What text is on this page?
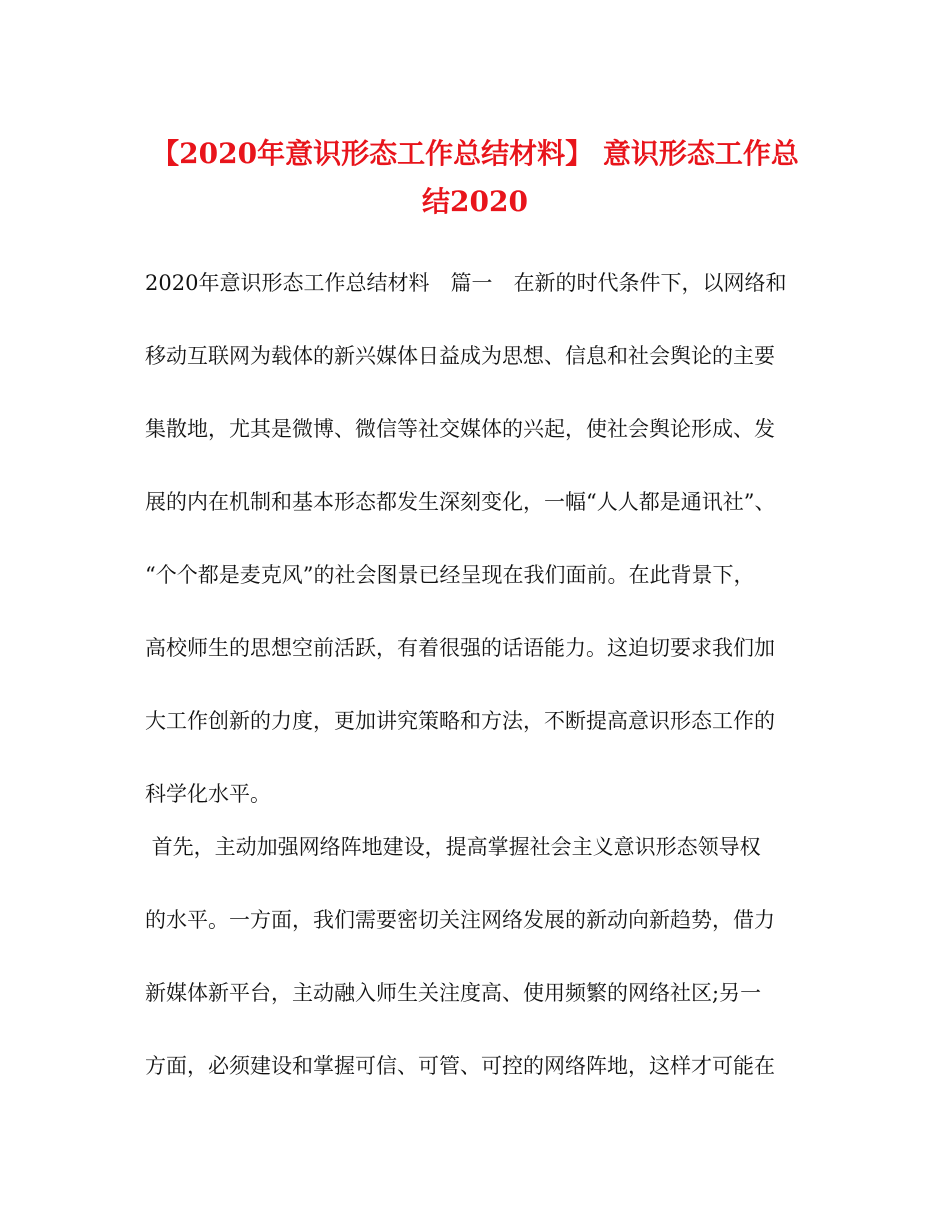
【2020年意识形态工作总结材料】 意识形态工作总
结2020
2020年意识形态工作总结材料　篇一　在新的时代条件下，以网络和
移动互联网为载体的新兴媒体日益成为思想、信息和社会舆论的主要
集散地，尤其是微博、微信等社交媒体的兴起，使社会舆论形成、发
展的内在机制和基本形态都发生深刻变化，一幅“人人都是通讯社”、
“个个都是麦克风”的社会图景已经呈现在我们面前。在此背景下，
高校师生的思想空前活跃，有着很强的话语能力。这迫切要求我们加
大工作创新的力度，更加讲究策略和方法，不断提高意识形态工作的
科学化水平。
首先，主动加强网络阵地建设，提高掌握社会主义意识形态领导权
的水平。一方面，我们需要密切关注网络发展的新动向新趋势，借力
新媒体新平台，主动融入师生关注度高、使用频繁的网络社区;另一
方面，必须建设和掌握可信、可管、可控的网络阵地，这样才可能在
